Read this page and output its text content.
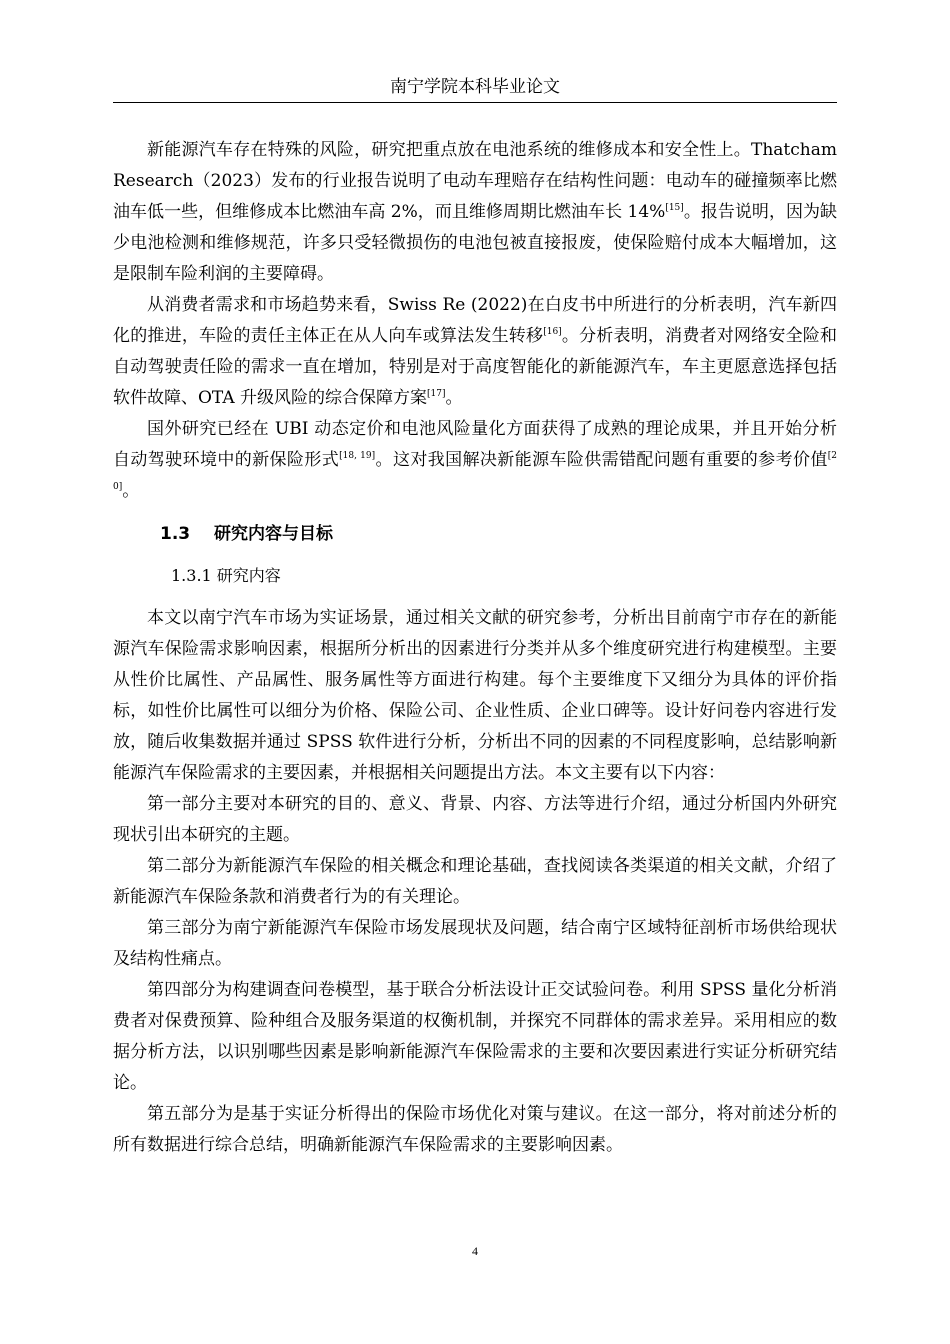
南宁学院本科毕业论文

新能源汽车存在特殊的风险，研究把重点放在电池系统的维修成本和安全性上。Thatcham Research（2023）发布的行业报告说明了电动车理赔存在结构性问题：电动车的碰撞频率比燃油车低一些，但维修成本比燃油车高 2%，而且维修周期比燃油车长 14%[15]。报告说明，因为缺少电池检测和维修规范，许多只受轻微损伤的电池包被直接报废，使保险赔付成本大幅增加，这是限制车险利润的主要障碍。

从消费者需求和市场趋势来看，Swiss Re (2022)在白皮书中所进行的分析表明，汽车新四化的推进，车险的责任主体正在从人向车或算法发生转移[16]。分析表明，消费者对网络安全险和自动驾驶责任险的需求一直在增加，特别是对于高度智能化的新能源汽车，车主更愿意选择包括软件故障、OTA 升级风险的综合保障方案[17]。

国外研究已经在 UBI 动态定价和电池风险量化方面获得了成熟的理论成果，并且开始分析自动驾驶环境中的新保险形式[18, 19]。这对我国解决新能源车险供需错配问题有重要的参考价值[20]。

1.3 研究内容与目标
1.3.1 研究内容

本文以南宁汽车市场为实证场景，通过相关文献的研究参考，分析出目前南宁市存在的新能源汽车保险需求影响因素，根据所分析出的因素进行分类并从多个维度研究进行构建模型。主要从性价比属性、产品属性、服务属性等方面进行构建。每个主要维度下又细分为具体的评价指标，如性价比属性可以细分为价格、保险公司、企业性质、企业口碑等。设计好问卷内容进行发放，随后收集数据并通过 SPSS 软件进行分析，分析出不同的因素的不同程度影响，总结影响新能源汽车保险需求的主要因素，并根据相关问题提出方法。本文主要有以下内容：

第一部分主要对本研究的目的、意义、背景、内容、方法等进行介绍，通过分析国内外研究现状引出本研究的主题。

第二部分为新能源汽车保险的相关概念和理论基础，查找阅读各类渠道的相关文献，介绍了新能源汽车保险条款和消费者行为的有关理论。

第三部分为南宁新能源汽车保险市场发展现状及问题，结合南宁区域特征剖析市场供给现状及结构性痛点。

第四部分为构建调查问卷模型，基于联合分析法设计正交试验问卷。利用 SPSS 量化分析消费者对保费预算、险种组合及服务渠道的权衡机制，并探究不同群体的需求差异。采用相应的数据分析方法，以识别哪些因素是影响新能源汽车保险需求的主要和次要因素进行实证分析研究结论。

第五部分为是基于实证分析得出的保险市场优化对策与建议。在这一部分，将对前述分析的所有数据进行综合总结，明确新能源汽车保险需求的主要影响因素。

4
